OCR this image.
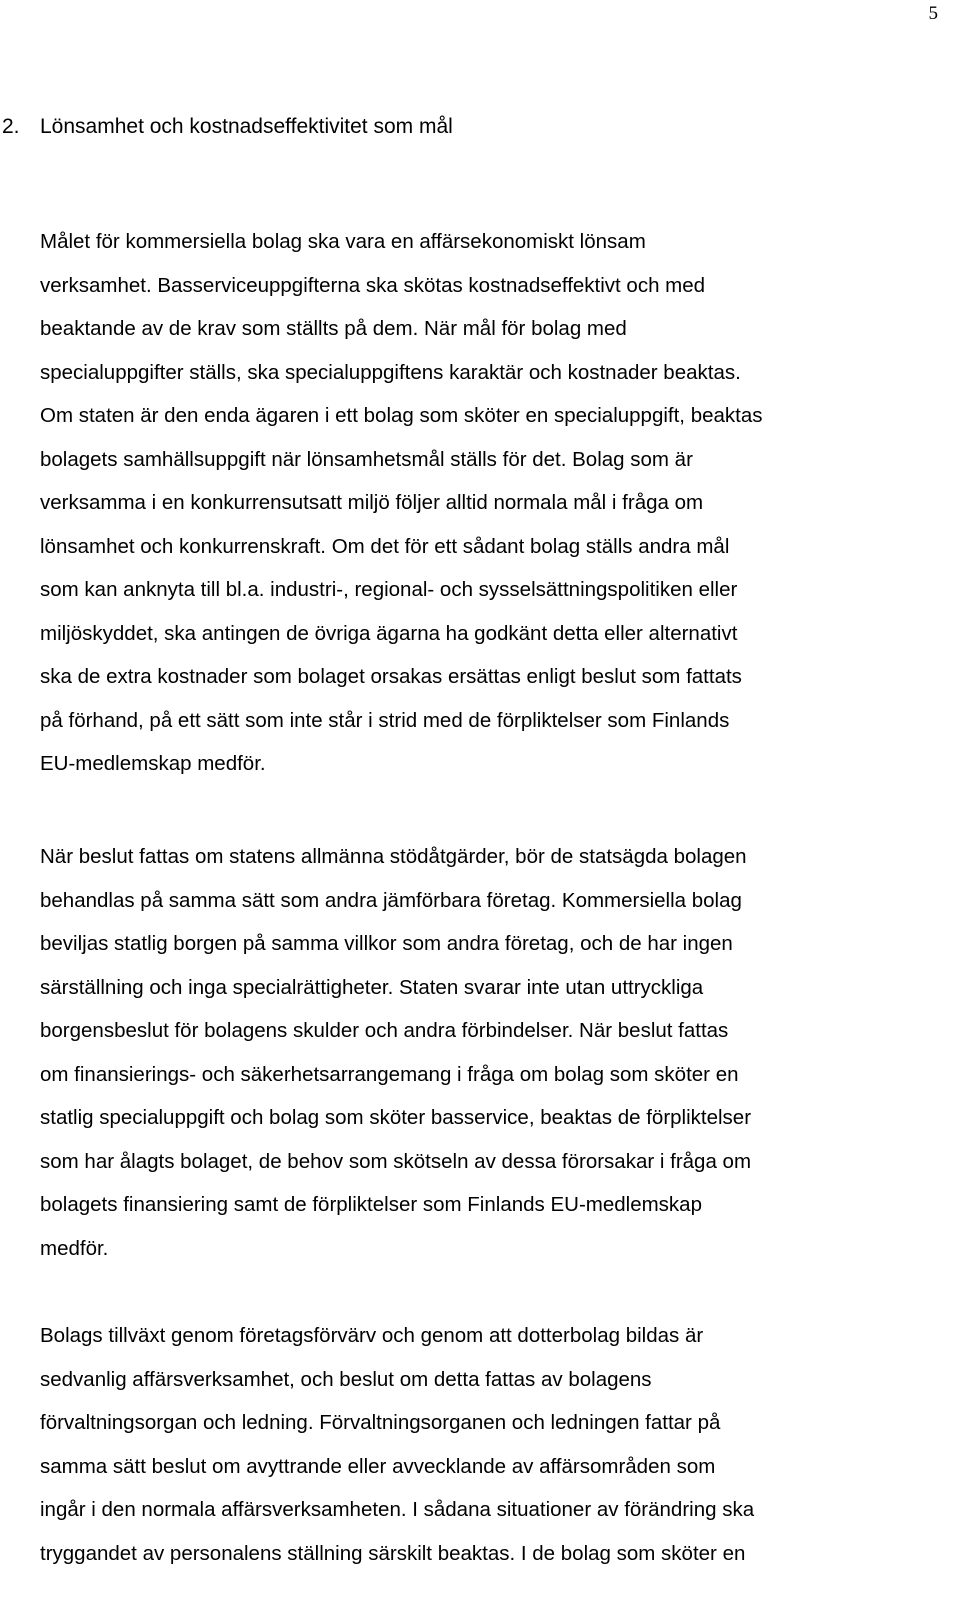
5
2. Lönsamhet och kostnadseffektivitet som mål
Målet för kommersiella bolag ska vara en affärsekonomiskt lönsam
verksamhet. Basserviceuppgifterna ska skötas kostnadseffektivt och med
beaktande av de krav som ställts på dem. När mål för bolag med
specialuppgifter ställs, ska specialuppgiftens karaktär och kostnader beaktas.
Om staten är den enda ägaren i ett bolag som sköter en specialuppgift, beaktas
bolagets samhällsuppgift när lönsamhetsmål ställs för det. Bolag som är
verksamma i en konkurrensutsatt miljö följer alltid normala mål i fråga om
lönsamhet och konkurrenskraft. Om det för ett sådant bolag ställs andra mål
som kan anknyta till bl.a. industri-, regional- och sysselsättningspolitiken eller
miljöskyddet, ska antingen de övriga ägarna ha godkänt detta eller alternativt
ska de extra kostnader som bolaget orsakas ersättas enligt beslut som fattats
på förhand, på ett sätt som inte står i strid med de förpliktelser som Finlands
EU-medlemskap medför.
När beslut fattas om statens allmänna stödåtgärder, bör de statsägda bolagen
behandlas på samma sätt som andra jämförbara företag. Kommersiella bolag
beviljas statlig borgen på samma villkor som andra företag, och de har ingen
särställning och inga specialrättigheter. Staten svarar inte utan uttryckliga
borgensbeslut för bolagens skulder och andra förbindelser. När beslut fattas
om finansierings- och säkerhetsarrangemang i fråga om bolag som sköter en
statlig specialuppgift och bolag som sköter basservice, beaktas de förpliktelser
som har ålagts bolaget, de behov som skötseln av dessa förorsakar i fråga om
bolagets finansiering samt de förpliktelser som Finlands EU-medlemskap
medför.
Bolags tillväxt genom företagsförvärv och genom att dotterbolag bildas är
sedvanlig affärsverksamhet, och beslut om detta fattas av bolagens
förvaltningsorgan och ledning. Förvaltningsorganen och ledningen fattar på
samma sätt beslut om avyttrande eller avvecklande av affärsområden som
ingår i den normala affärsverksamheten. I sådana situationer av förändring ska
tryggandet av personalens ställning särskilt beaktas. I de bolag som sköter en
